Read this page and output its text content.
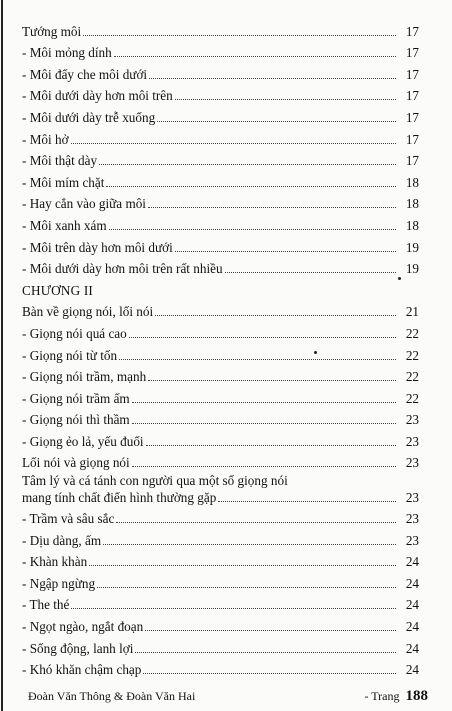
Tướng môi	17
- Môi mỏng dính	17
- Môi đẩy che môi dưới	17
- Môi dưới dày hơn môi trên	17
- Môi dưới dày trễ xuống	17
- Môi hở	17
- Môi thật dày	17
- Môi mím chặt	18
- Hay cắn vào giữa môi	18
- Môi xanh xám	18
- Môi trên dày hơn môi dưới	19
- Môi dưới dày hơn môi trên rất nhiều	19
CHƯƠNG II
Bàn về giọng nói, lối nói	21
- Giọng nói quá cao	22
- Giọng nói từ tốn	22
- Giọng nói trầm, mạnh	22
- Giọng nói trầm ấm	22
- Giọng nói thì thầm	23
- Giọng ẻo lả, yếu đuối	23
Lối nói và giọng nói	23
Tâm lý và cá tánh con người qua một số giọng nói
mang tính chất điển hình thường gặp	23
- Trầm và sâu sắc	23
- Dịu dàng, ấm	23
- Khàn khàn	24
- Ngập ngừng	24
- The thé	24
- Ngọt ngào, ngắt đoạn	24
- Sống động, lanh lợi	24
- Khó khăn chậm chạp	24
Đoàn Văn Thông & Đoàn Văn Hai	- Trang 188
